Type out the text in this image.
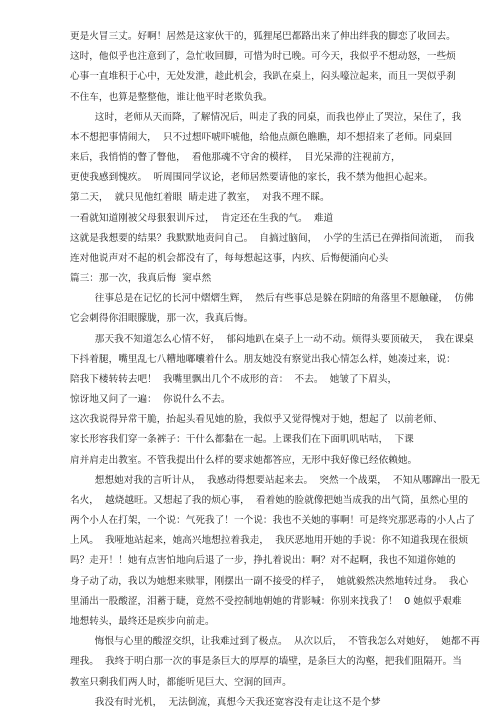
更是火冒三丈。好啊！居然是这家伙干的，狐狸尾巴都路出来了伸出绊我的脚恋了收回去。
这时，他似乎也注意到了，急忙收回脚，可惜为时已晚。可今天，我似乎不想动怒，一些烦
心事一直堆积于心中，无处发泄，趁此机会，我趴在桌上，闷头嚎泣起来，而且一哭似乎刹
不住车，也算是整整他，谁让他平时老欺负我。
这时，老师从天而降，了解情况后，叫走了我的同桌，而我也停止了哭泣，呆住了，我
本不想把事情闹大，  只不过想吓唬吓唬他，给他点颜色瞧瞧，却不想招来了老师。同桌回
来后，我悄悄的瞥了瞥他，  看他那魂不守舍的模样，  目光呆滞的注视前方，
更使我感到愧疚。  听周围同学议论，老师居然要请他的家长，我不禁为他担心起来。
第二天，  就只见他红着眼  睛走进了教室，  对我不理不睬。
一看就知道刚被父母狠狠训斥过，  肯定还在生我的气。  难道
这就是我想要的结果？我默默地责问自己。  自搞过脑间，  小学的生活已在弹指间流逝，  而我
连对他说声对不起的机会都没有了，每每想起这事，内疚、后悔便涌向心头
篇三：那一次，我真后悔  窦卓然
往事总是在记忆的长河中熠熠生辉，  然后有些事总是躲在阴暗的角落里不愿触碰，  仿佛
它会刺得你泪眼朦胧，那一次，我真后悔。
那天我不知道怎么心情不好，  郁闷地趴在桌子上一动不动。烦得头要顶破天，  我在课桌
下抖着腿，嘴里乱七八糟地嘟囔着什么。朋友她没有察觉出我心情怎么样，她凑过来，说：
陪我下楼转转去吧！  我嘴里飘出几个不成形的音：  不去。  她皱了下眉头，
惊讶地又问了一遍：  你说什么不去。
这次我说得异常干脆，抬起头看见她的脸，我似乎又觉得愧对于她，想起了  以前老师、
家长形容我们穿一条裤子：干什么都黏在一起。上课我们在下面叽叽咕咕，  下课
肩并肩走出教室。不管我提出什么样的要求她都答应，无形中我好像已经依赖她。
想想她对我的言听计从，  我感动得想要站起来去。  突然一个战栗，  不知从哪蹿出一股无
名火，  越烧越旺。又想起了我的烦心事，  看着她的脸就像把她当成我的出气筒，虽然心里的
两个小人在打架，一个说：气死我了！一个说：我也不关她的事啊！可是终究那恶毒的小人占了
上风。  我哑地站起来，她高兴地想拉着我走，  我厌恶地用开她的手说：你不知道我现在很烦
吗？走开！！她有点害怕地向后退了一步，挣扎着说出：啊？对不起啊，我也不知道你她的
身子动了动，我以为她想来赎罪，刚摆出一副不接受的样子，  她就毅然决然地转过身。  我心
里涌出一股酸涩，泪蓄于睫，竟然不受控制地朝她的背影喊：你别来找我了！  0 她似乎艰难
地想转头，最终还是疾步向前走。
悔恨与心里的酸涩交织，让我难过到了极点。  从次以后，  不管我怎么对她好，  她都不再
理我。  我终于明白那一次的事是条巨大的厚厚的墙壁，是条巨大的沟壑，把我们阻隔开。当
教室只剩我们两人时，都能听见巨大、空洞的回声。
我没有时光机，  无法倒流，真想今天我还宽容没有走让这不是个梦
